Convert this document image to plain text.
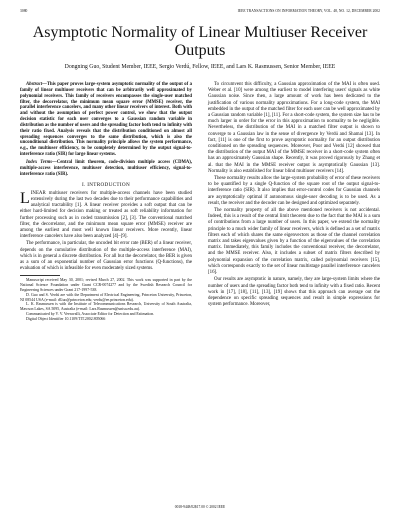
3080	IEEE TRANSACTIONS ON INFORMATION THEORY, VOL. 48, NO. 12, DECEMBER 2002
Asymptotic Normality of Linear Multiuser Receiver Outputs
Dongning Guo, Student Member, IEEE, Sergio Verdú, Fellow, IEEE, and Lars K. Rasmussen, Senior Member, IEEE
Abstract—This paper proves large-system asymptotic normality of the output of a family of linear multiuser receivers that can be arbitrarily well approximated by polynomial receivers. This family of receivers encompasses the single-user matched filter, the decorrelator, the minimum mean square error (MMSE) receiver, the parallel interference cancelers, and many other linear receivers of interest. Both with and without the assumption of perfect power control, we show that the output decision statistic for each user converges to a Gaussian random variable in distribution as the number of users and the spreading factor both tend to infinity with their ratio fixed. Analysis reveals that the distribution conditioned on almost all spreading sequences converges to the same distribution, which is also the unconditional distribution. This normality principle allows the system performance, e.g., the multiuser efficiency, to be completely determined by the output signal-to-interference ratio (SIR) for large linear systems.
Index Terms—Central limit theorem, code-division multiple access (CDMA), multiple-access interference, multiuser detection, multiuser efficiency, signal-to-interference ratio (SIR).
I. INTRODUCTION

LINEAR multiuser receivers for multiple-access channels have been studied extensively during the last two decades due to their performance capabilities and analytical tractability [1]. A linear receiver provides a soft output that can be either hard-limited for decision making or treated as soft reliability information for further processing such as in coded transmission [2], [3]. The conventional matched filter, the decorrelator, and the minimum mean square error (MMSE) receiver are among the earliest and most well known linear receivers. More recently, linear interference cancelers have also been analyzed [4]–[9].

The performance, in particular, the uncoded bit error rate (BER) of a linear receiver, depends on the cumulative distribution of the multiple-access interference (MAI), which is in general a discrete distribution. For all but the decorrelator, the BER is given as a sum of an exponential number of Gaussian error functions (Q-functions), the evaluation of which is infeasible for even moderately sized systems.

Manuscript received May 30, 2001; revised March 27, 2002. This work was supported in part by the National Science Foundation under Grant CCR-0074277 and by the Swedish Research Council for Engineering Sciences under Grant 217-1997-538.
D. Guo and S. Verdú are with the Department of Electrical Engineering, Princeton University, Princeton, NJ 08544 USA (e-mail: dGuo@princeton.edu; verdu@ee.princeton.edu).
L. K. Rasmussen is with the Institute of Telecommunications Research, University of South Australia, Mawson Lakes, SA 5095, Australia (e-mail: Lars.Rasmussen@unisa.edu.au).
Communicated by V. V. Veeravalli, Associate Editor for Detection and Estimation.
Digital Object Identifier 10.1109/TIT.2002.805066

To circumvent this difficulty, a Gaussian approximation of the MAI is often used. Weber et al. [10] were among the earliest to model interfering users' signals as white Gaussian noise. Since then, a large amount of work has been dedicated to the justification of various normality approximations. For a long-code system, the MAI embedded in the output of the matched filter for each user can be well approximated by a Gaussian random variable [1], [11]. For a short-code system, the system size has to be much larger in order for the error in this approximation to normality to be negligible. Nevertheless, the distribution of the MAI in a matched filter output is shown to converge to a Gaussian law in the sense of divergence by Verdú and Shamai [13]. In fact, [11] is one of the first to prove asymptotic normality for an output distribution conditioned on the spreading sequences. Moreover, Poor and Verdú [12] showed that the distribution of the output MAI of the MMSE receiver in a short-code system often has an approximately Gaussian shape. Recently, it was proved rigorously by Zhang et al. that the MAI in the MMSE receiver output is asymptotically Gaussian [13]. Normality is also established for linear blind multiuser receivers [14].

These normality results allow the large-system probability of error of these receivers to be quantified by a single Q-function of the square root of the output signal-to-interference ratio (SIR). It also implies that error-control codes for Gaussian channels are asymptotically optimal if autonomous single-user decoding is to be used. As a result, the receiver and the decoder can be designed and optimized separately.

The normality property of all the above mentioned receivers is not accidental. Indeed, this is a result of the central limit theorem due to the fact that the MAI is a sum of contributions from a large number of users. In this paper, we extend the normality principle to a much wider family of linear receivers, which is defined as a set of matrix filters each of which shares the same eigenvectors as those of the channel correlation matrix and takes eigenvalues given by a function of the eigenvalues of the correlation matrix. Immediately, this family includes the conventional receiver, the decorrelator, and the MMSE receiver. Also, it includes a subset of matrix filters described by polynomial expansion of the correlation matrix, called polynomial receivers [15], which corresponds exactly to the set of linear multistage parallel interference cancelers [16].

Our results are asymptotic in nature, namely, they are large-system limits where the number of users and the spreading factor both tend to infinity with a fixed ratio. Recent work in [17], [18], [11], [13], [19] shows that this approach can average out the dependence on specific spreading sequences and result in simple expressions for system performance. Moreover,

0018-9448/02$17.00 © 2002 IEEE
